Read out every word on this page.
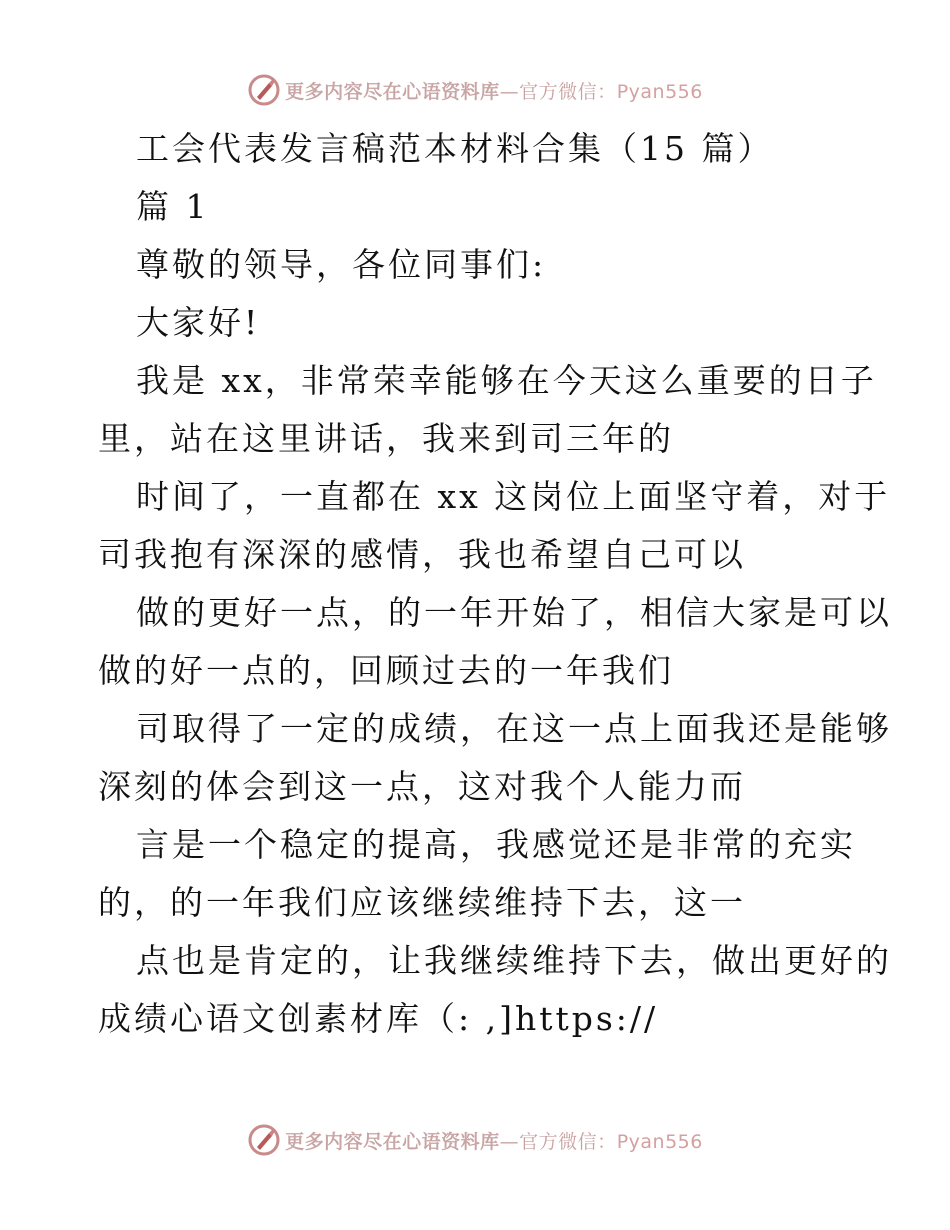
更多内容尽在心语资料库—官方微信：Pyan556
工会代表发言稿范本材料合集（15 篇）
篇 1
尊敬的领导，各位同事们:
大家好!
我是 xx，非常荣幸能够在今天这么重要的日子
里，站在这里讲话，我来到司三年的
时间了，一直都在 xx 这岗位上面坚守着，对于
司我抱有深深的感情，我也希望自己可以
做的更好一点，的一年开始了，相信大家是可以
做的好一点的，回顾过去的一年我们
司取得了一定的成绩，在这一点上面我还是能够
深刻的体会到这一点，这对我个人能力而
言是一个稳定的提高，我感觉还是非常的充实
的，的一年我们应该继续维持下去，这一
点也是肯定的，让我继续维持下去，做出更好的
成绩心语文创素材库（: ,]https://
更多内容尽在心语资料库—官方微信：Pyan556
